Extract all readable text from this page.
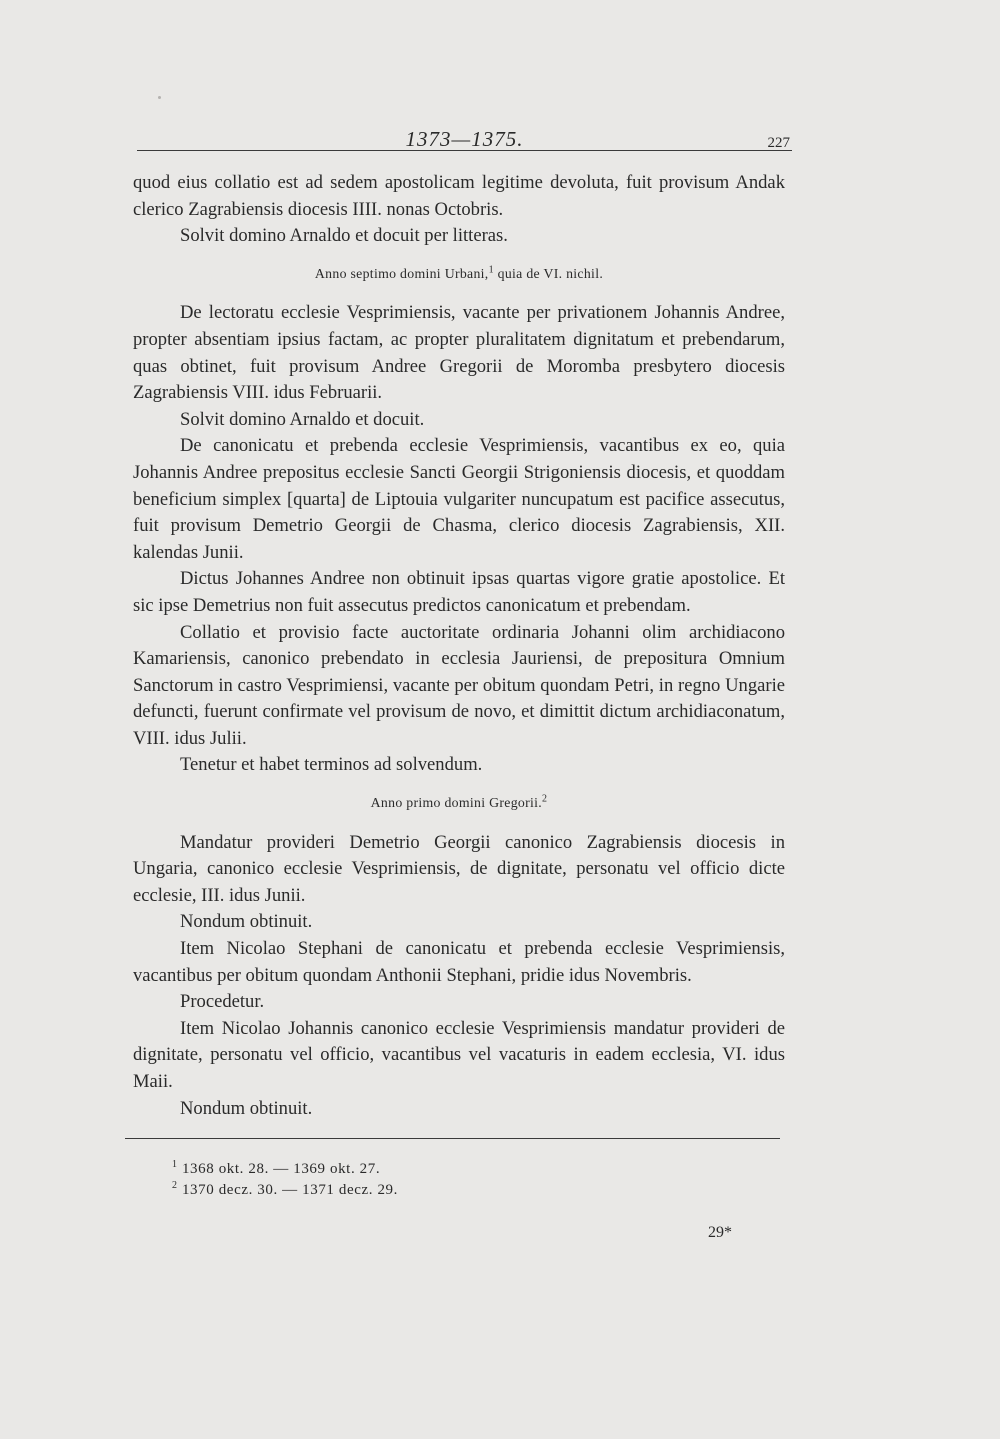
1373—1375.	227

quod eius collatio est ad sedem apostolicam legitime devoluta, fuit provisum Andak clerico Zagrabiensis diocesis IIII. nonas Octobris.

Solvit domino Arnaldo et docuit per litteras.

Anno septimo domini Urbani,$^1$ quia de VI. nichil.

De lectoratu ecclesie Vesprimiensis, vacante per privationem Johannis Andree, propter absentiam ipsius factam, ac propter pluralitatem dignitatum et prebendarum, quas obtinet, fuit provisum Andree Gregorii de Moromba presbytero diocesis Zagrabiensis VIII. idus Februarii.

Solvit domino Arnaldo et docuit.

De canonicatu et prebenda ecclesie Vesprimiensis, vacantibus ex eo, quia Johannis Andree prepositus ecclesie Sancti Georgii Strigoniensis diocesis, et quoddam beneficium simplex [quarta] de Liptouia vulgariter nuncupatum est pacifice assecutus, fuit provisum Demetrio Georgii de Chasma, clerico diocesis Zagrabiensis, XII. kalendas Junii.

Dictus Johannes Andree non obtinuit ipsas quartas vigore gratie apostolice. Et sic ipse Demetrius non fuit assecutus predictos canonicatum et prebendam.

Collatio et provisio facte auctoritate ordinaria Johanni olim archidiacono Kamariensis, canonico prebendato in ecclesia Jauriensi, de prepositura Omnium Sanctorum in castro Vesprimiensi, vacante per obitum quondam Petri, in regno Ungarie defuncti, fuerunt confirmate vel provisum de novo, et dimittit dictum archidiaconatum, VIII. idus Julii.

Tenetur et habet terminos ad solvendum.

Anno primo domini Gregorii.$^2$

Mandatur provideri Demetrio Georgii canonico Zagrabiensis diocesis in Ungaria, canonico ecclesie Vesprimiensis, de dignitate, personatu vel officio dicte ecclesie, III. idus Junii.

Nondum obtinuit.

Item Nicolao Stephani de canonicatu et prebenda ecclesie Vesprimiensis, vacantibus per obitum quondam Anthonii Stephani, pridie idus Novembris.

Procedetur.

Item Nicolao Johannis canonico ecclesie Vesprimiensis mandatur provideri de dignitate, personatu vel officio, vacantibus vel vacaturis in eadem ecclesia, VI. idus Maii.

Nondum obtinuit.

$^1$ 1368 okt. 28. — 1369 okt. 27.

$^2$ 1370 decz. 30. — 1371 decz. 29.

29*
